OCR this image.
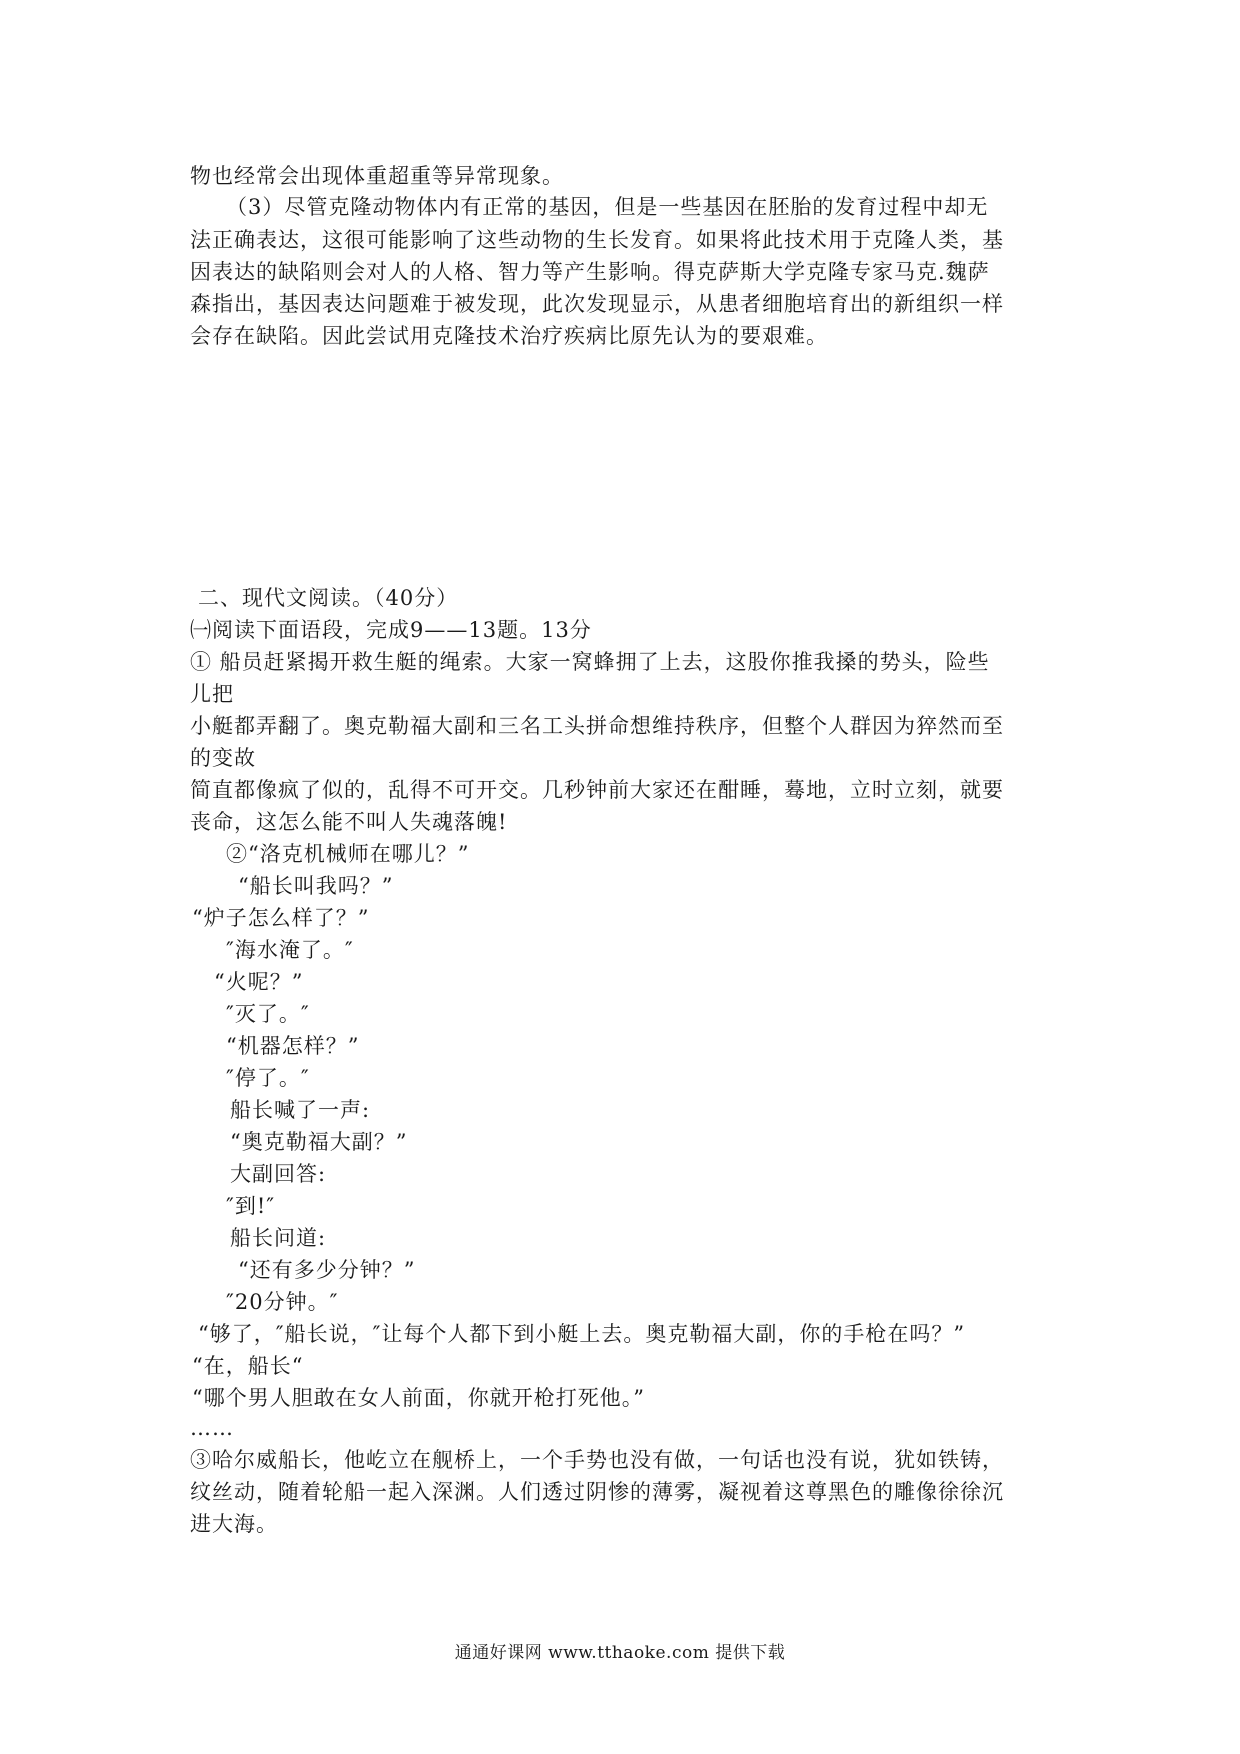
物也经常会出现体重超重等异常现象。
（3）尽管克隆动物体内有正常的基因，但是一些基因在胚胎的发育过程中却无
法正确表达，这很可能影响了这些动物的生长发育。如果将此技术用于克隆人类，基
因表达的缺陷则会对人的人格、智力等产生影响。得克萨斯大学克隆专家马克.魏萨
森指出，基因表达问题难于被发现，此次发现显示，从患者细胞培育出的新组织一样
会存在缺陷。因此尝试用克隆技术治疗疾病比原先认为的要艰难。
二、现代文阅读。（40分）
㈠阅读下面语段，完成9——13题。13分
① 船员赶紧揭开救生艇的绳索。大家一窝蜂拥了上去，这股你推我搡的势头，险些
儿把
小艇都弄翻了。奥克勒福大副和三名工头拼命想维持秩序，但整个人群因为猝然而至
的变故
简直都像疯了似的，乱得不可开交。几秒钟前大家还在酣睡，蓦地，立时立刻，就要
丧命，这怎么能不叫人失魂落魄!
②“洛克机械师在哪儿？”
“船长叫我吗？”
“炉子怎么样了？”
″海水淹了。″
“火呢？”
″灭了。″
“机器怎样？”
″停了。″
船长喊了一声:
“奥克勒福大副？”
大副回答:
″到!″
船长问道:
“还有多少分钟？”
″20分钟。″
“够了，″船长说，″让每个人都下到小艇上去。奥克勒福大副，你的手枪在吗？”
“在，船长“
“哪个男人胆敢在女人前面，你就开枪打死他。”
……
③哈尔威船长，他屹立在舰桥上，一个手势也没有做，一句话也没有说，犹如铁铸，
纹丝动，随着轮船一起入深渊。人们透过阴惨的薄雾，凝视着这尊黑色的雕像徐徐沉
进大海。
通通好课网 www.tthaoke.com 提供下载
